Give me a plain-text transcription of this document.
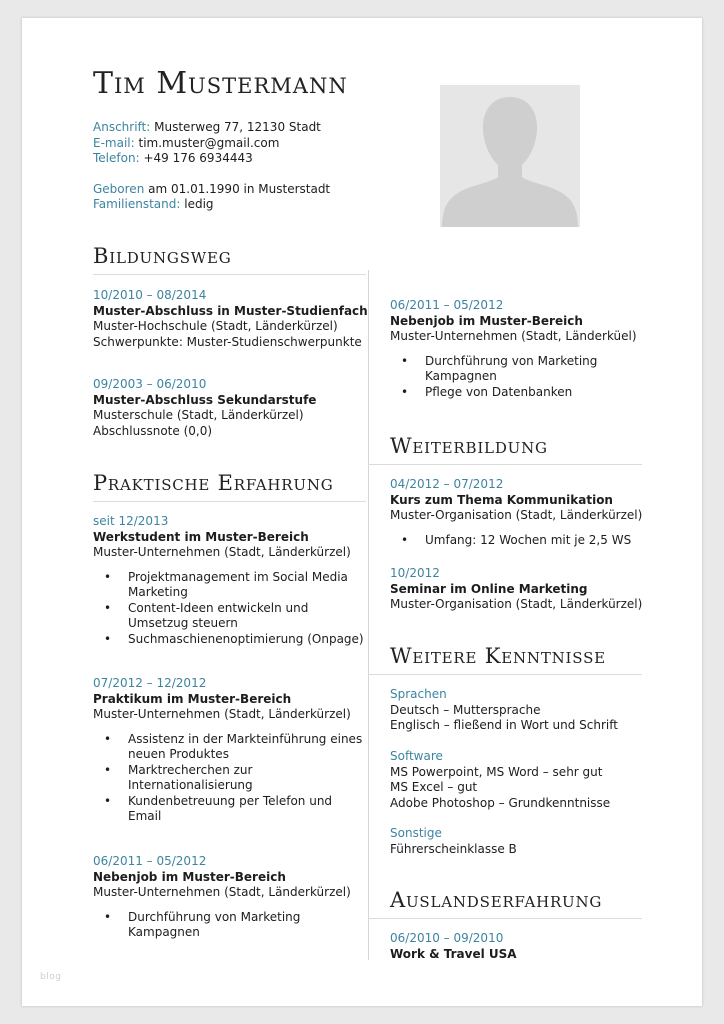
Tim Mustermann
Anschrift: Musterweg 77, 12130 Stadt
E-mail: tim.muster@gmail.com
Telefon: +49 176 6934443
Geboren am 01.01.1990 in Musterstadt
Familienstand: ledig
Bildungsweg
10/2010 – 08/2014
Muster-Abschluss in Muster-Studienfach
Muster-Hochschule (Stadt, Länderkürzel)
Schwerpunkte: Muster-Studienschwerpunkte
09/2003 – 06/2010
Muster-Abschluss Sekundarstufe
Musterschule (Stadt, Länderkürzel)
Abschlussnote (0,0)
Praktische Erfahrung
seit 12/2013
Werkstudent im Muster-Bereich
Muster-Unternehmen (Stadt, Länderkürzel)
• Projektmanagement im Social Media Marketing
• Content-Ideen entwickeln und Umsetzug steuern
• Suchmaschienenoptimierung (Onpage)
07/2012 – 12/2012
Praktikum im Muster-Bereich
Muster-Unternehmen (Stadt, Länderkürzel)
• Assistenz in der Markteinführung eines neuen Produktes
• Marktrecherchen zur Internationalisierung
• Kundenbetreuung per Telefon und Email
06/2011 – 05/2012
Nebenjob im Muster-Bereich
Muster-Unternehmen (Stadt, Länderkürzel)
• Durchführung von Marketing Kampagnen
06/2011 – 05/2012
Nebenjob im Muster-Bereich
Muster-Unternehmen (Stadt, Länderküel)
• Durchführung von Marketing Kampagnen
• Pflege von Datenbanken
Weiterbildung
04/2012 – 07/2012
Kurs zum Thema Kommunikation
Muster-Organisation (Stadt, Länderkürzel)
• Umfang: 12 Wochen mit je 2,5 WS
10/2012
Seminar im Online Marketing
Muster-Organisation (Stadt, Länderkürzel)
Weitere Kenntnisse
Sprachen
Deutsch – Muttersprache
Englisch – fließend in Wort und Schrift
Software
MS Powerpoint, MS Word – sehr gut
MS Excel – gut
Adobe Photoshop – Grundkenntnisse
Sonstige
Führerscheinklasse B
Auslandserfahrung
06/2010 – 09/2010
Work & Travel USA
blog
